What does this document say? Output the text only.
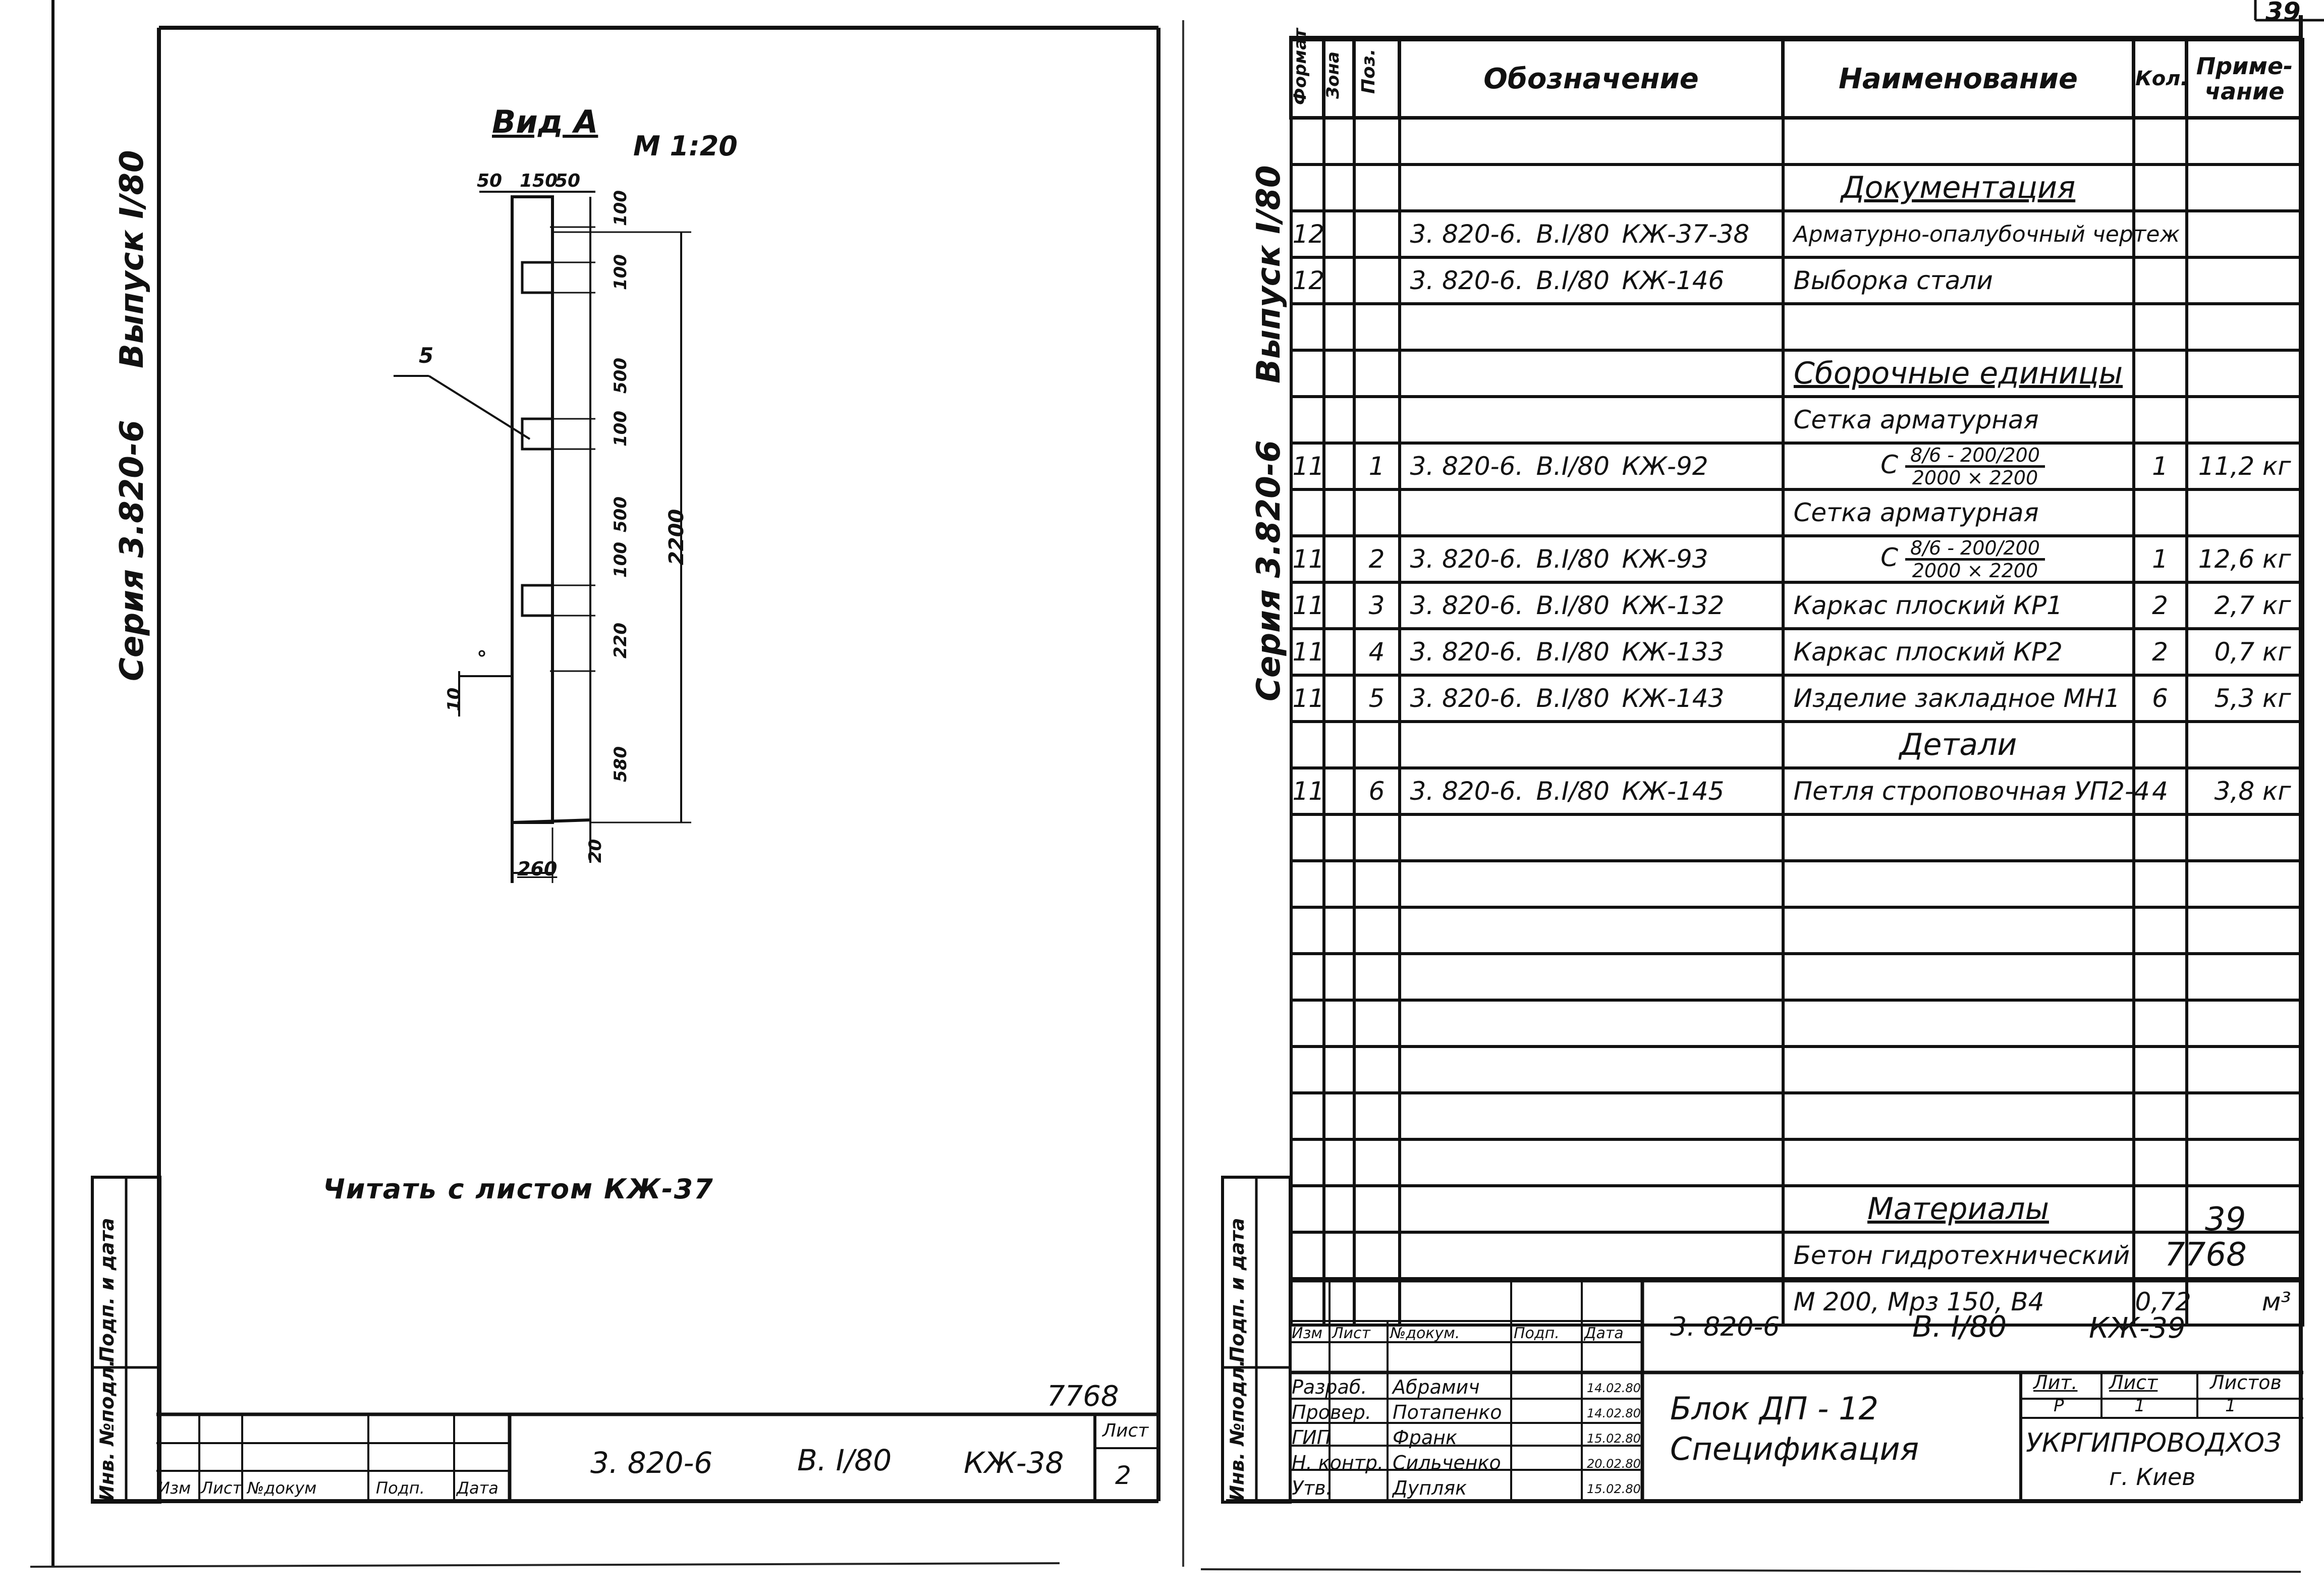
39
Серия 3.820-6
Выпуск I/80
Подп. и дата
Инв. №подл.
Вид А
М 1:20
50 150
50
5
100
100
500
100
500
100
220
580
2200
10
260
20
Читать с листом КЖ-37
7768
Изм Лист №докум	Подп. Дата
3. 820-6	В. I/80 КЖ-38
Лист
2
Серия 3.820-6
Выпуск I/80
Формат	Зона	Поз.	Обозначение	Наименование	Кол.	Приме- чание

				Документация		
12			3. 820-6. В.I/80 КЖ-37-38	Арматурно-опалубочный чертеж		
12			3. 820-6. В.I/80 КЖ-146	Выборка стали		

				Сборочные единицы		
				Сетка арматурная		
11		1	3. 820-6. В.I/80 КЖ-92	С $\frac{8/6 - 200/200}{2000 \times 2200}$	1	11,2 кг
				Сетка арматурная		
11		2	3. 820-6. В.I/80 КЖ-93	С $\frac{8/6 - 200/200}{2000 \times 2200}$	1	12,6 кг
11		3	3. 820-6. В.I/80 КЖ-132	Каркас плоский КР1	2	2,7 кг
11		4	3. 820-6. В.I/80 КЖ-133	Каркас плоский КР2	2	0,7 кг
11		5	3. 820-6. В.I/80 КЖ-143	Изделие закладное МН1	6	5,3 кг
				Детали		
11		6	3. 820-6. В.I/80 КЖ-145	Петля строповочная УП2-4	4	3,8 кг

				Материалы		
				Бетон гидротехнический		
				М 200, Мрз 150, В4	0,72	м³
39
7768
Подп. и дата
Инв. №подл.
Изм Лист №докум.	Подп. Дата
Разраб.	Абрамич	14.02.80
Провер.	Потапенко	14.02.80
ГИП	Франк	15.02.80
Н. контр. Сильченко	20.02.80
Утв.	Дупляк	15.02.80
3. 820-6	В. I/80	КЖ-39
Блок ДП - 12
Спецификация
Лит. Лист	Листов
Р	1	1
УКРГИПРОВОДХОЗ
г. Киев
